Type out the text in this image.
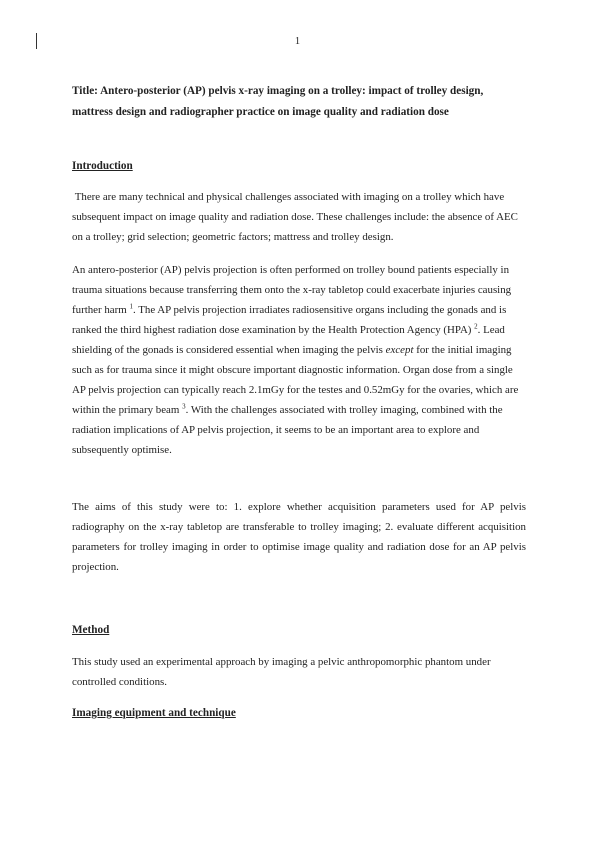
1
Title: Antero-posterior (AP) pelvis x-ray imaging on a trolley: impact of trolley design, mattress design and radiographer practice on image quality and radiation dose
Introduction
There are many technical and physical challenges associated with imaging on a trolley which have subsequent impact on image quality and radiation dose. These challenges include: the absence of AEC on a trolley; grid selection; geometric factors; mattress and trolley design.
An antero-posterior (AP) pelvis projection is often performed on trolley bound patients especially in trauma situations because transferring them onto the x-ray tabletop could exacerbate injuries causing further harm $^1$. The AP pelvis projection irradiates radiosensitive organs including the gonads and is ranked the third highest radiation dose examination by the Health Protection Agency (HPA) $^2$. Lead shielding of the gonads is considered essential when imaging the pelvis except for the initial imaging such as for trauma since it might obscure important diagnostic information. Organ dose from a single AP pelvis projection can typically reach 2.1mGy for the testes and 0.52mGy for the ovaries, which are within the primary beam $^3$. With the challenges associated with trolley imaging, combined with the radiation implications of AP pelvis projection, it seems to be an important area to explore and subsequently optimise.
The aims of this study were to: 1. explore whether acquisition parameters used for AP pelvis radiography on the x-ray tabletop are transferable to trolley imaging; 2. evaluate different acquisition parameters for trolley imaging in order to optimise image quality and radiation dose for an AP pelvis projection.
Method
This study used an experimental approach by imaging a pelvic anthropomorphic phantom under controlled conditions.
Imaging equipment and technique
